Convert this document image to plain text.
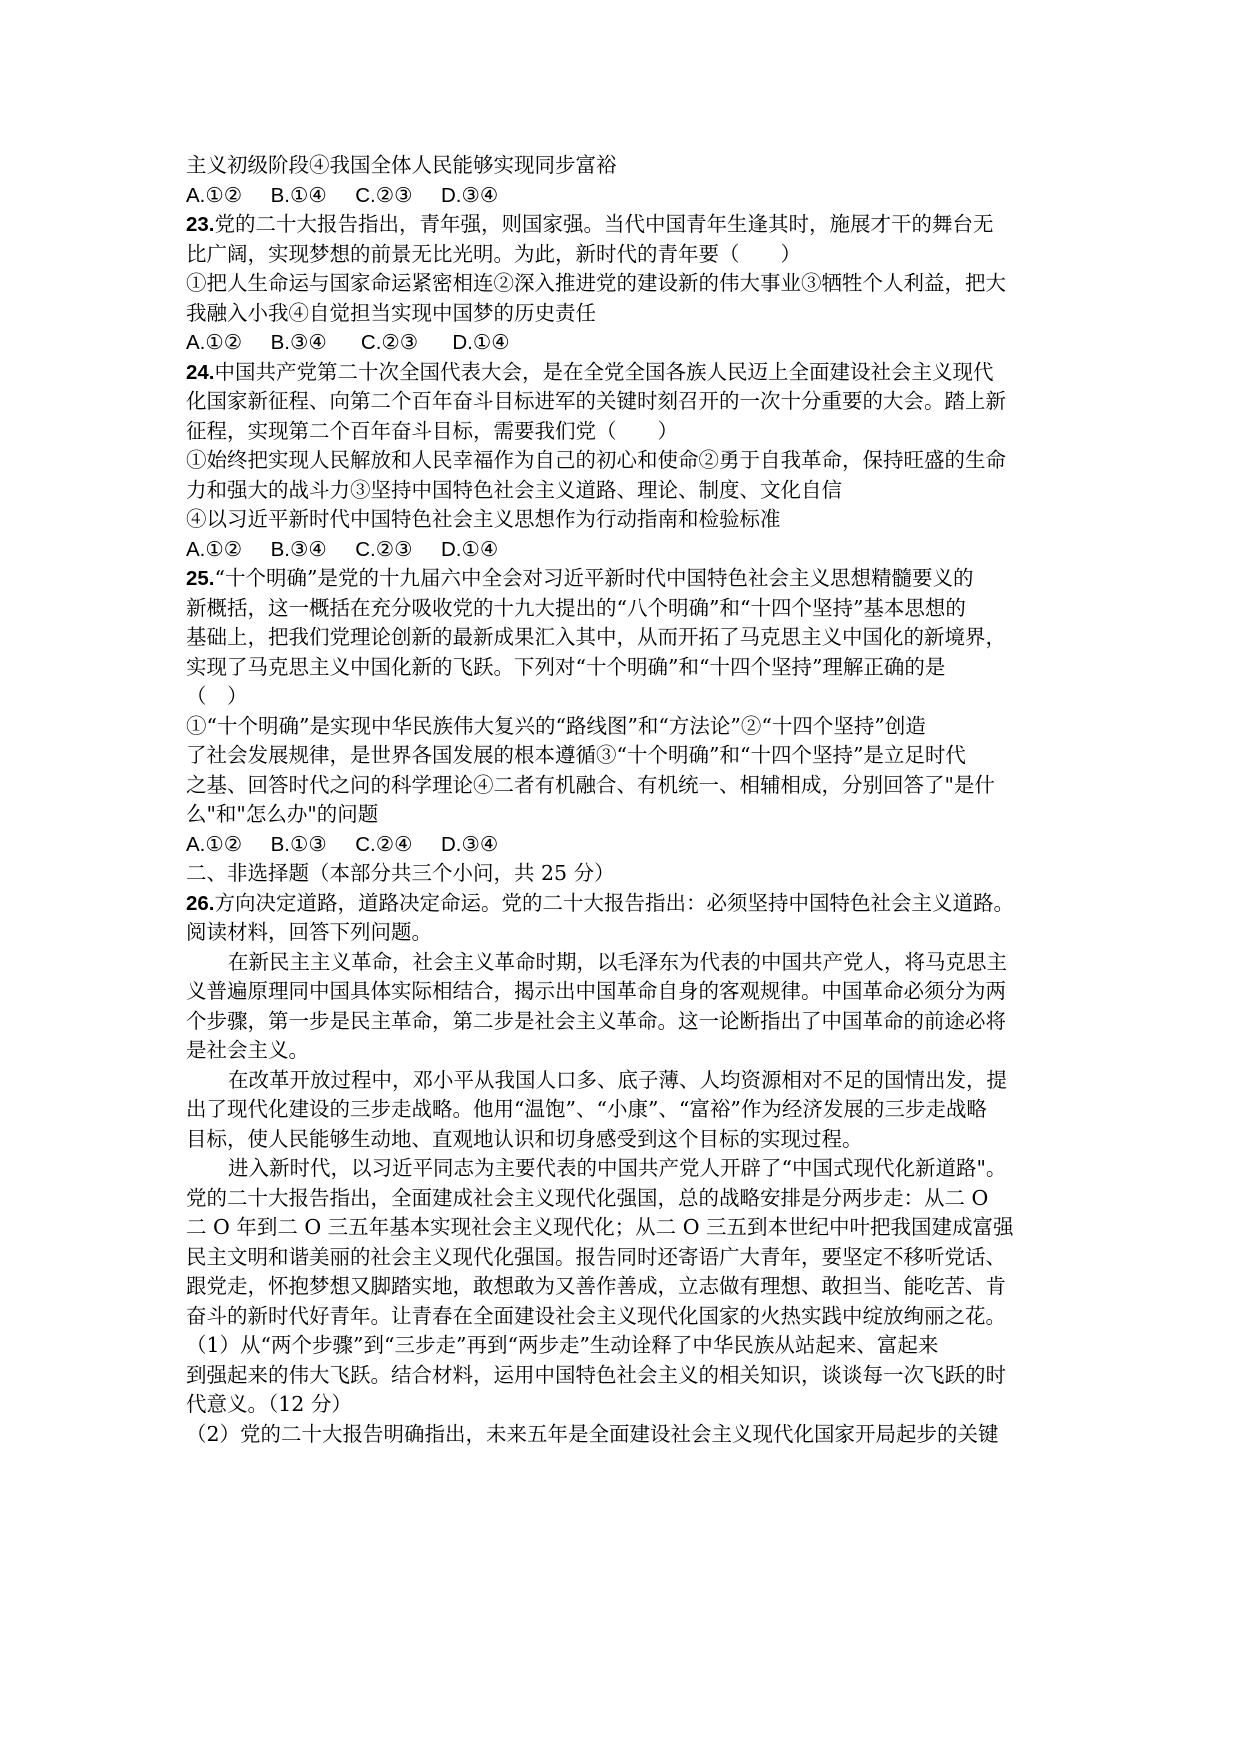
主义初级阶段④我国全体人民能够实现同步富裕
A.①②     B.①④     C.②③     D.③④
23.党的二十大报告指出，青年强，则国家强。当代中国青年生逢其时，施展才干的舞台无
比广阔，实现梦想的前景无比光明。为此，新时代的青年要（　　）
①把人生命运与国家命运紧密相连②深入推进党的建设新的伟大事业③牺牲个人利益，把大
我融入小我④自觉担当实现中国梦的历史责任
A.①②     B.③④      C.②③      D.①④
24.中国共产党第二十次全国代表大会，是在全党全国各族人民迈上全面建设社会主义现代
化国家新征程、向第二个百年奋斗目标进军的关键时刻召开的一次十分重要的大会。踏上新
征程，实现第二个百年奋斗目标，需要我们党（　　）
①始终把实现人民解放和人民幸福作为自己的初心和使命②勇于自我革命，保持旺盛的生命
力和强大的战斗力③坚持中国特色社会主义道路、理论、制度、文化自信
④以习近平新时代中国特色社会主义思想作为行动指南和检验标准
A.①②     B.③④     C.②③     D.①④
25.“十个明确”是党的十九届六中全会对习近平新时代中国特色社会主义思想精髓要义的
新概括，这一概括在充分吸收党的十九大提出的“八个明确”和“十四个坚持”基本思想的
基础上，把我们党理论创新的最新成果汇入其中，从而开拓了马克思主义中国化的新境界，
实现了马克思主义中国化新的飞跃。下列对“十个明确”和“十四个坚持”理解正确的是
（　）
①“十个明确”是实现中华民族伟大复兴的“路线图”和“方法论”②“十四个坚持”创造
了社会发展规律，是世界各国发展的根本遵循③“十个明确”和“十四个坚持”是立足时代
之基、回答时代之问的科学理论④二者有机融合、有机统一、相辅相成，分别回答了"是什
么"和"怎么办"的问题
A.①②     B.①③     C.②④     D.③④
二、非选择题（本部分共三个小问，共 25 分）
26.方向决定道路，道路决定命运。党的二十大报告指出：必须坚持中国特色社会主义道路。
阅读材料，回答下列问题。
在新民主主义革命，社会主义革命时期，以毛泽东为代表的中国共产党人，将马克思主
义普遍原理同中国具体实际相结合，揭示出中国革命自身的客观规律。中国革命必须分为两
个步骤，第一步是民主革命，第二步是社会主义革命。这一论断指出了中国革命的前途必将
是社会主义。
在改革开放过程中，邓小平从我国人口多、底子薄、人均资源相对不足的国情出发，提
出了现代化建设的三步走战略。他用“温饱”、“小康”、“富裕”作为经济发展的三步走战略
目标，使人民能够生动地、直观地认识和切身感受到这个目标的实现过程。
进入新时代，以习近平同志为主要代表的中国共产党人开辟了“中国式现代化新道路"。
党的二十大报告指出，全面建成社会主义现代化强国，总的战略安排是分两步走：从二 O
二 O 年到二 O 三五年基本实现社会主义现代化；从二 O 三五到本世纪中叶把我国建成富强
民主文明和谐美丽的社会主义现代化强国。报告同时还寄语广大青年，要坚定不移听党话、
跟党走，怀抱梦想又脚踏实地，敢想敢为又善作善成，立志做有理想、敢担当、能吃苦、肯
奋斗的新时代好青年。让青春在全面建设社会主义现代化国家的火热实践中绽放绚丽之花。
（1）从“两个步骤”到“三步走”再到“两步走”生动诠释了中华民族从站起来、富起来
到强起来的伟大飞跃。结合材料，运用中国特色社会主义的相关知识，谈谈每一次飞跃的时
代意义。（12 分）
（2）党的二十大报告明确指出，未来五年是全面建设社会主义现代化国家开局起步的关键
